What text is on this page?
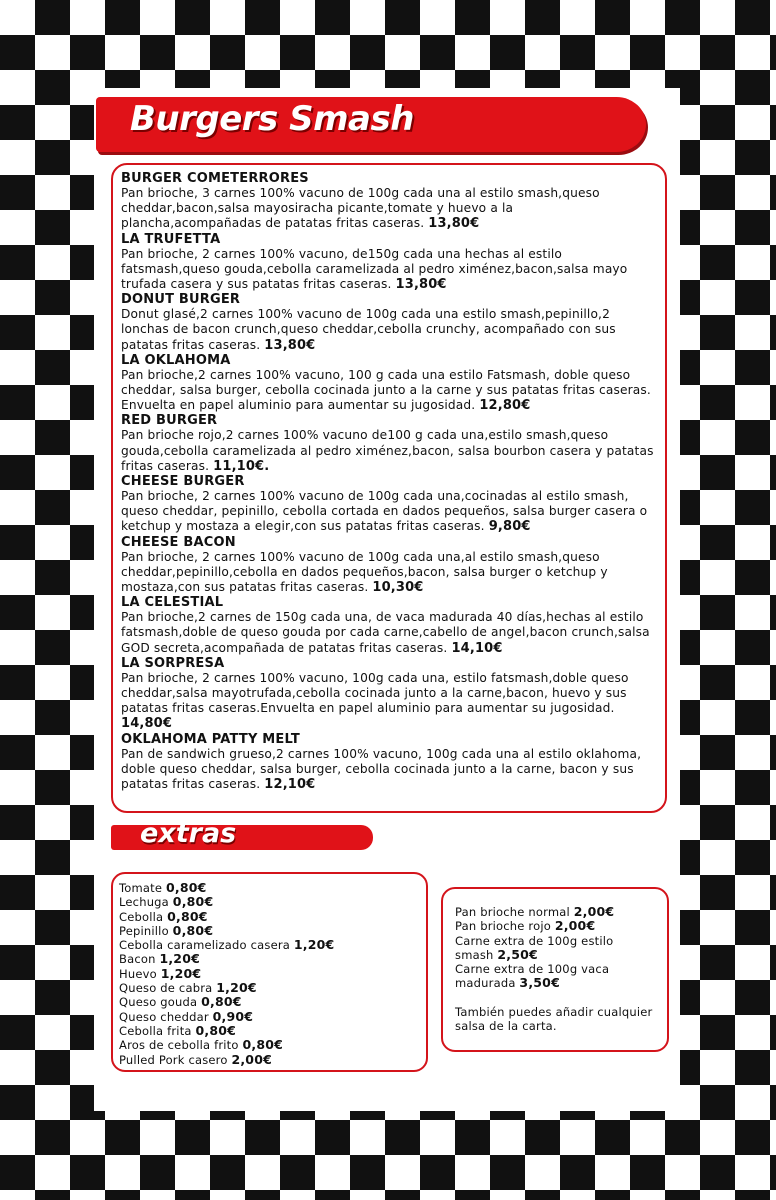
Burgers Smash
BURGER COMETERRORES
Pan brioche, 3 carnes 100% vacuno de 100g cada una al estilo smash,queso cheddar,bacon,salsa mayosiracha picante,tomate y huevo a la plancha,acompañadas de patatas fritas caseras. 13,80€
LA TRUFETTA
Pan brioche, 2 carnes 100% vacuno, de150g cada una hechas al estilo fatsmash,queso gouda,cebolla caramelizada al pedro ximénez,bacon,salsa mayo trufada casera y sus patatas fritas caseras. 13,80€
DONUT BURGER
Donut glasé,2 carnes 100% vacuno de 100g cada una estilo smash,pepinillo,2 lonchas de bacon crunch,queso cheddar,cebolla crunchy, acompañado con sus patatas fritas caseras. 13,80€
LA OKLAHOMA
Pan brioche,2 carnes 100% vacuno, 100 g cada una estilo Fatsmash, doble queso cheddar, salsa burger, cebolla cocinada junto a la carne y sus patatas fritas caseras. Envuelta en papel aluminio para aumentar su jugosidad. 12,80€
RED BURGER
Pan brioche rojo,2 carnes 100% vacuno de100 g cada una,estilo smash,queso gouda,cebolla caramelizada al pedro ximénez,bacon, salsa bourbon casera y patatas fritas caseras. 11,10€.
CHEESE BURGER
Pan brioche, 2 carnes 100% vacuno de 100g cada una,cocinadas al estilo smash, queso cheddar, pepinillo, cebolla cortada en dados pequeños, salsa burger casera o ketchup y mostaza a elegir,con sus patatas fritas caseras. 9,80€
CHEESE BACON
Pan brioche, 2 carnes 100% vacuno de 100g cada una,al estilo smash,queso cheddar,pepinillo,cebolla en dados pequeños,bacon, salsa burger o ketchup y mostaza,con sus patatas fritas caseras. 10,30€
LA CELESTIAL
Pan brioche,2 carnes de 150g cada una, de vaca madurada 40 días,hechas al estilo fatsmash,doble de queso gouda por cada carne,cabello de angel,bacon crunch,salsa GOD secreta,acompañada de patatas fritas caseras. 14,10€
LA SORPRESA
Pan brioche, 2 carnes 100% vacuno, 100g cada una, estilo fatsmash,doble queso cheddar,salsa mayotrufada,cebolla cocinada junto a la carne,bacon, huevo y sus patatas fritas caseras.Envuelta en papel aluminio para aumentar su jugosidad. 14,80€
OKLAHOMA PATTY MELT
Pan de sandwich grueso,2 carnes 100% vacuno, 100g cada una al estilo oklahoma, doble queso cheddar, salsa burger, cebolla cocinada junto a la carne, bacon y sus patatas fritas caseras. 12,10€
extras
Tomate 0,80€
Lechuga 0,80€
Cebolla 0,80€
Pepinillo 0,80€
Cebolla caramelizado casera 1,20€
Bacon 1,20€
Huevo 1,20€
Queso de cabra 1,20€
Queso gouda 0,80€
Queso cheddar 0,90€
Cebolla frita 0,80€
Aros de cebolla frito 0,80€
Pulled Pork casero 2,00€
Pan brioche normal 2,00€
Pan brioche rojo 2,00€
Carne extra de 100g estilo smash 2,50€
Carne extra de 100g vaca madurada 3,50€
También puedes añadir cualquier salsa de la carta.
